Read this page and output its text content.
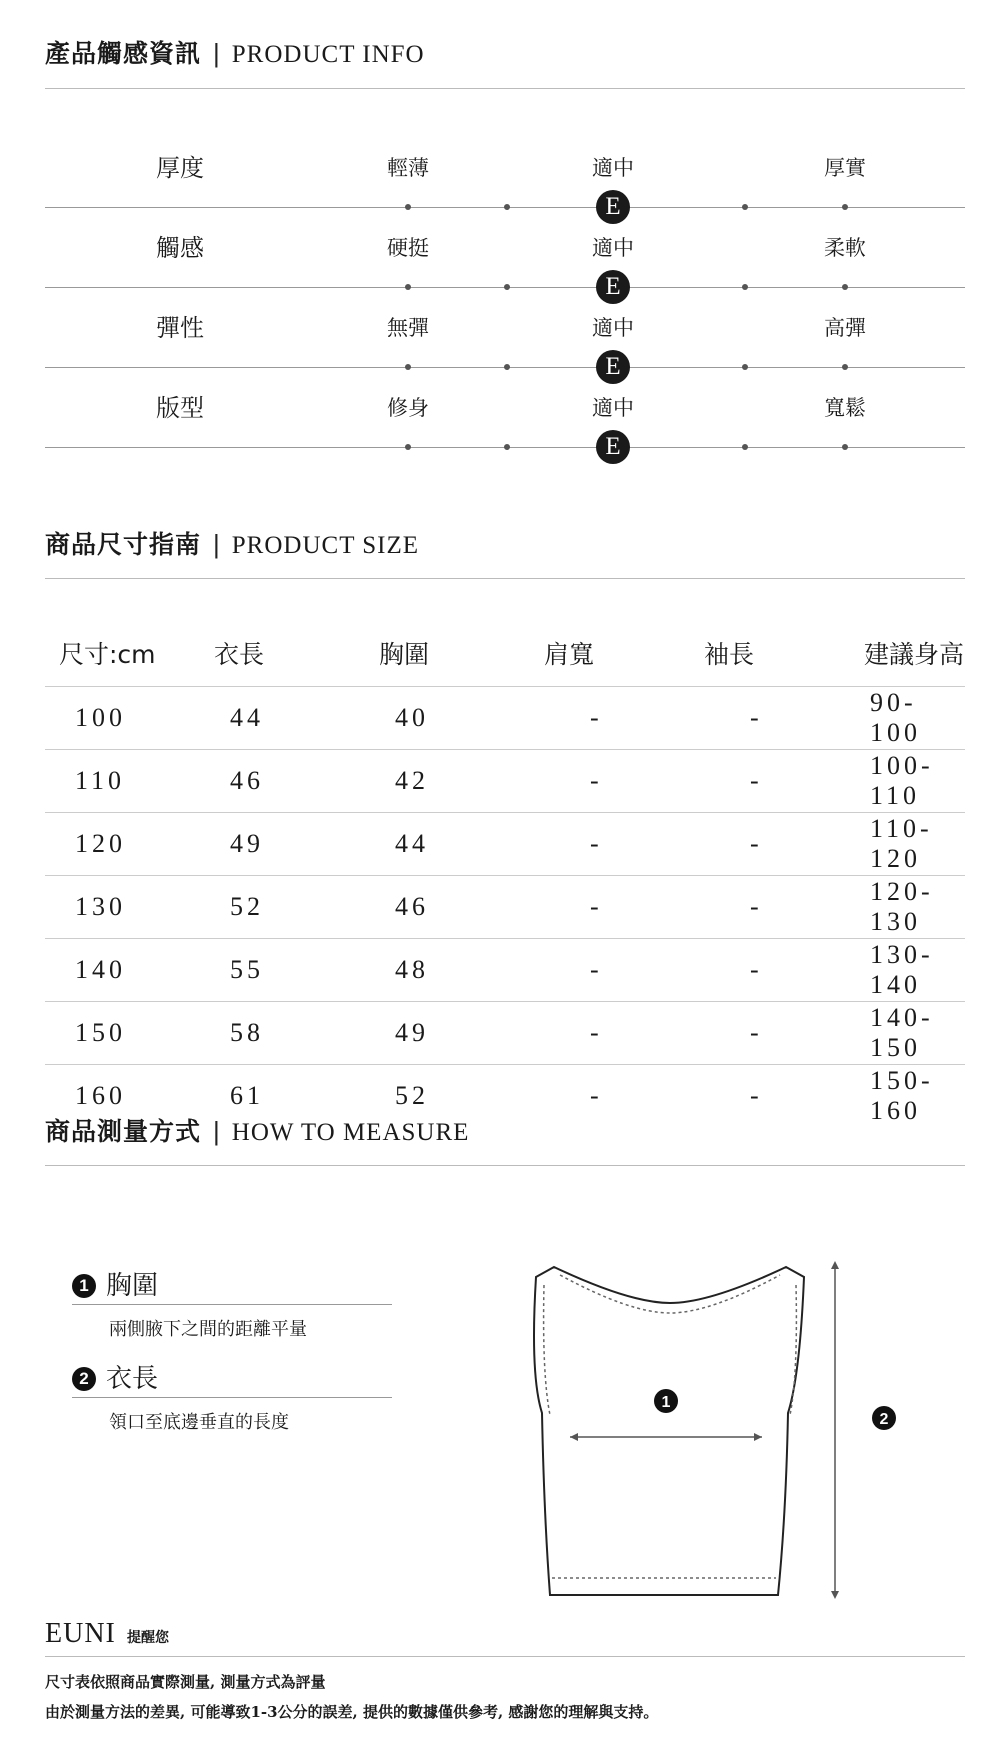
產品觸感資訊 | PRODUCT INFO
厚度	輕薄	適中	厚實
E
觸感	硬挺	適中	柔軟
E
彈性	無彈	適中	高彈
E
版型	修身	適中	寬鬆
E
商品尺寸指南 | PRODUCT SIZE
尺寸:cm	衣長	胸圍	肩寬	袖長	建議身高
100	44	40	-	-	90-100
110	46	42	-	-	100-110
120	49	44	-	-	110-120
130	52	46	-	-	120-130
140	55	48	-	-	130-140
150	58	49	-	-	140-150
160	61	52	-	-	150-160
商品測量方式 | HOW TO MEASURE
1 胸圍
兩側腋下之間的距離平量
2 衣長
領口至底邊垂直的長度
1
2
EUNI 提醒您
尺寸表依照商品實際測量, 測量方式為評量
由於測量方法的差異, 可能導致1-3公分的誤差, 提供的數據僅供參考, 感謝您的理解與支持。
